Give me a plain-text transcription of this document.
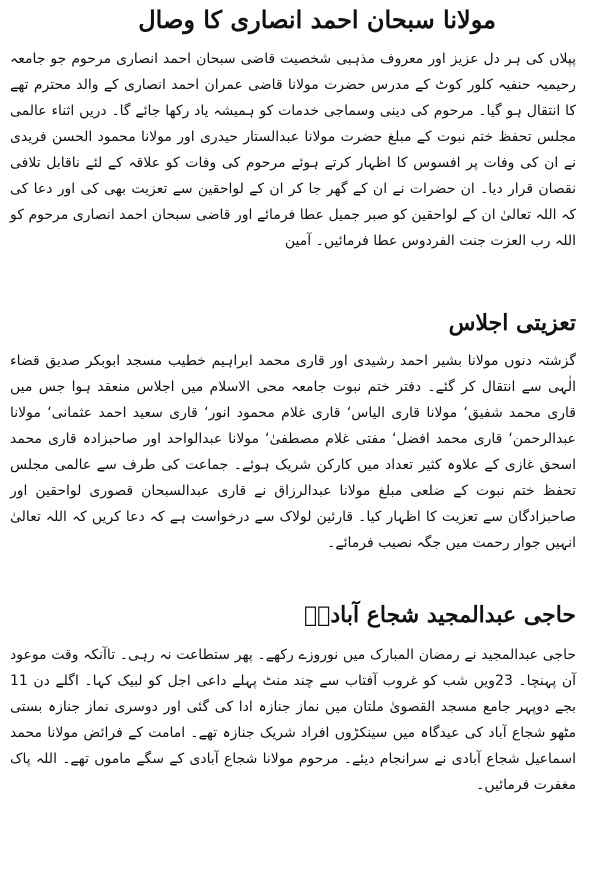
مولانا سبحان احمد انصاری کا وصال

پپلاں کی ہر دل عزیز اور معروف مذہبی شخصیت قاضی سبحان احمد انصاری مرحوم جو جامعہ رحیمیہ حنفیہ کلور کوٹ کے مدرس حضرت مولانا قاضی عمران احمد انصاری کے والد محترم تھے کا انتقال ہو گیا۔ مرحوم کی دینی وسماجی خدمات کو ہمیشہ یاد رکھا جائے گا۔ دریں اثناء عالمی مجلس تحفظ ختم نبوت کے مبلغ حضرت مولانا عبدالستار حیدری اور مولانا محمود الحسن فریدی نے ان کی وفات پر افسوس کا اظہار کرتے ہوئے مرحوم کی وفات کو علاقہ کے لئے ناقابل تلافی نقصان قرار دیا۔ ان حضرات نے ان کے گھر جا کر ان کے لواحقین سے تعزیت بھی کی اور دعا کی کہ اللہ تعالیٰ ان کے لواحقین کو صبر جمیل عطا فرمائے اور قاضی سبحان احمد انصاری مرحوم کو اللہ رب العزت جنت الفردوس عطا فرمائیں۔ آمین

تعزیتی اجلاس

گزشتہ دنوں مولانا بشیر احمد رشیدی اور قاری محمد ابراہیم خطیب مسجد ابوبکر صدیق قضاء الٰہی سے انتقال کر گئے۔ دفتر ختم نبوت جامعہ محی الاسلام میں اجلاس منعقد ہوا جس میں قاری محمد شفیق‘ مولانا قاری الیاس‘ قاری غلام محمود انور‘ قاری سعید احمد عثمانی‘ مولانا عبدالرحمن‘ قاری محمد افضل‘ مفتی غلام مصطفیٰ‘ مولانا عبدالواحد اور صاحبزادہ قاری محمد اسحق غازی کے علاوہ کثیر تعداد میں کارکن شریک ہوئے۔ جماعت کی طرف سے عالمی مجلس تحفظ ختم نبوت کے ضلعی مبلغ مولانا عبدالرزاق نے قاری عبدالسبحان قصوری لواحقین اور صاحبزادگان سے تعزیت کا اظہار کیا۔ قارئین لولاک سے درخواست ہے کہ دعا کریں کہ اللہ تعالیٰ انہیں جوار رحمت میں جگہ نصیب فرمائے۔

حاجی عبدالمجید شجاع آبادیؒ

حاجی عبدالمجید نے رمضان المبارک میں نوروزے رکھے۔ پھر ستطاعت نہ رہی۔ تاآنکہ وقت موعود آن پہنچا۔ 23ویں شب کو غروب آفتاب سے چند منٹ پہلے داعی اجل کو لبیک کہا۔ اگلے دن 11 بجے دوپہر جامع مسجد القصویٰ ملتان میں نماز جنازہ ادا کی گئی اور دوسری نماز جنازہ بستی مٹھو شجاع آباد کی عیدگاہ میں سینکڑوں افراد شریک جنازہ تھے۔ امامت کے فرائض مولانا محمد اسماعیل شجاع آبادی نے سرانجام دیئے۔ مرحوم مولانا شجاع آبادی کے سگے ماموں تھے۔ اللہ پاک مغفرت فرمائیں۔
